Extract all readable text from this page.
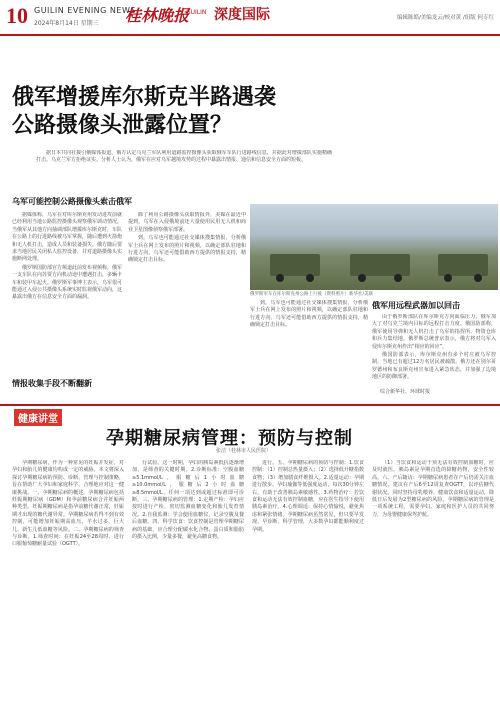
10 GUILIN EVENING NEWS
2024年8月14日 星期三 桂林晚报
GUILIN 深度国际	编辑陈皓/美编龙云/校对黄 /组版 何专红
俄军增援库尔斯克半路遇袭
公路摄像头泄露位置？

据日本共同社援引俄媒体报道，俄方认定乌克兰军队利用道路监控摄像头获取俄军车队行进路线信息，并据此对增援部队实施精确打击。乌克兰军方拒绝证实。分析人士认为，俄军在应对乌军越境攻势的过程中暴露出情报、通信和信息安全方面的短板。

乌军可能控制公路摄像头索击俄军

据媒体称，乌军在对库尔斯克州发动进攻前就已经利用当地公路监控摄像头观察俄军调动情况。当俄军从其他方向抽调部队增援库尔斯克时，车队在公路上的行进路线被乌军掌握，随后遭到火箭炮和无人机打击，造成人员和装备损失。俄方随后要求当地居民关闭私人监控设备，并对道路摄像头实施断网处理。

俄罗斯国防部官方频道此前发布视频称，俄军一支车队在向苏贾方向机动途中遭遇打击，多辆卡车和装甲车起火。俄罗斯军事博主表示，乌军很可能通过入侵公共摄像头系统实时监视俄军动向，这暴露出俄方在信息安全方面的漏洞。

除了利用公路摄像头获取情报外，美媒在最近中提到，乌军在入侵俄境前还大量使用民用无人机和商业卫星图像侦察俄军部署。

到。乌军也可能通过社交媒体搜集情报，分析俄军士兵在网上发布的照片和视频，以确定部队驻地和行进方向。乌军还可能借助西方提供的情报支持，精确锁定打击目标。

情报收集手段不断翻新
俄罗斯军车在库尔斯克州公路上行驶（资料照片）新华社/美联

到。乌军也可能通过社交媒体搜集情报，分析俄军士兵在网上发布的照片和视频，以确定部队驻地和行进方向。乌军还可能借助西方提供的情报支持，精确锁定打击目标。

俄军用远程武器加以回击

由于俄罗斯部队在库尔斯克方向面临压力，俄军加大了对乌克兰境内目标的远程打击力度。俄国防部称，俄军使用导弹和无人机打击了乌军的指挥所、物资仓库和兵力集结地。俄罗斯总统普京表示，俄方将对乌军入侵库尔斯克州作出“相应的回应”。

俄国防部表示，库尔斯克州有多个村庄被乌军控制，当地已有超过12万名居民被疏散。俄方还在别尔哥罗德州和布良斯克州宣布进入紧急状态，并加强了边境地区的防御部署。

综合新华社、环球时报
健康讲堂
孕期糖尿病管理：预防与控制
张洁（桂林市人民医院）

孕期糖尿病，作为一种常见的妊娠并发症，对孕妇和胎儿的健康均构成一定的威胁。本文将深入探讨孕期糖尿病的预防、诊断、管理与控制策略，旨在帮助广大孕妇和家庭科学、合理地应对这一健康挑战。一、孕期糖尿病的概述。孕期糖尿病包括妊娠期糖尿病（GDM）和孕前糖尿病合并妊娠两种类型。妊娠期糖尿病是指孕前糖代谢正常，妊娠期才出现的糖代谢异常。孕期糖尿病若得不到有效控制，可能增加妊娠期高血压、羊水过多、巨大儿、新生儿低血糖等风险。二、孕期糖尿病的筛查与诊断。1.筛查时间：在妊娠24至28周时，进行口服葡萄糖耐量试验（OGTT）。

行试验。这一时期，孕妇的胰岛素抵抗逐渐增加，是筛查的关键时期。2.诊断标准：空腹血糖≥5.1mmol/L，服糖后1小时血糖≥10.0mmol/L，服糖后2小时血糖≥8.5mmol/L，任何一项达到或超过标准即可诊断。三、孕期糖尿病的管理：1.定期产检：孕妇应按时进行产检，密切监测血糖变化和胎儿发育情况。2.自我监测：学会使用血糖仪，记录空腹及餐后血糖。四、科学饮食：饮食控制是管理孕期糖尿病的基础，应合理分配碳水化合物、蛋白质和脂肪的摄入比例，少量多餐，避免高糖食物。

进行。五、孕期糖尿病的预防与控制：1.饮食控制：（1）控制总热量摄入；（2）选择低升糖指数食物；（3）增加膳食纤维摄入。2.适量运动：孕期进行散步、孕妇瑜伽等低强度运动，每次30分钟左右，有助于改善胰岛素敏感性。3.药物治疗：若饮食和运动无法有效控制血糖，应在医生指导下使用胰岛素治疗。4.心理调适：保持心情愉悦，避免焦虑和紧张情绪。孕期糖尿病虽然常见，但只要早发现、早诊断、科学管理，大多数孕妇都能顺利度过孕期。

（1）当饮食和运动干预无法有效控制血糖时，应及时就医。胰岛素是孕期首选的降糖药物，安全性较高。六、产后随访：孕期糖尿病患者在产后仍需关注血糖情况，建议在产后6至12周复查OGTT，以评估糖代谢状况。同时坚持母乳喂养、健康饮食和适量运动，降低日后发展为2型糖尿病的风险。孕期糖尿病的管理是一项系统工程，需要孕妇、家庭和医护人员的共同努力，为母婴健康保驾护航。
